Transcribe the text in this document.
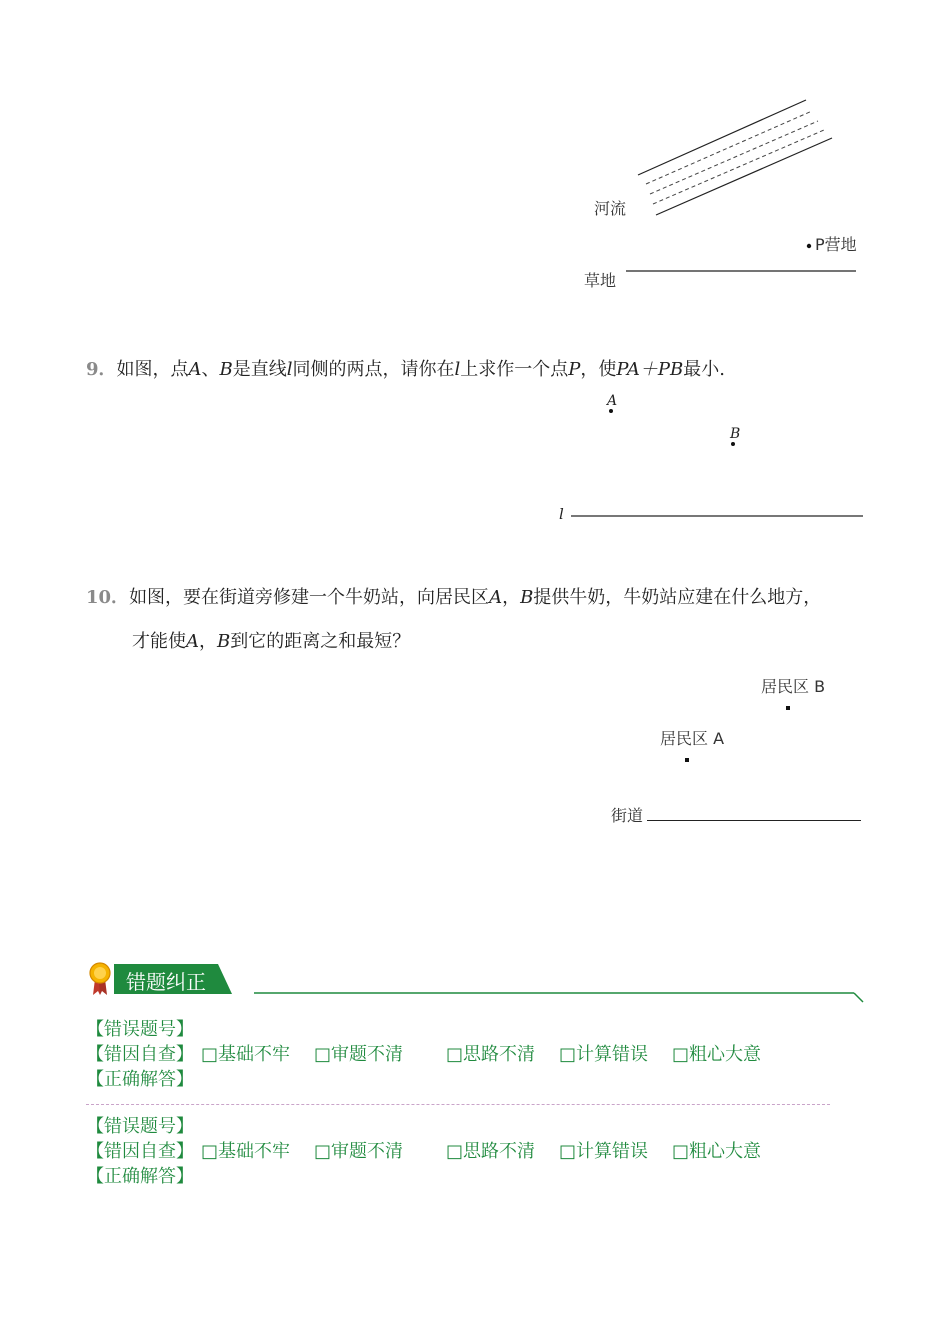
河流
P营地
草地
9．如图，点A、B是直线l同侧的两点，请你在l上求作一个点P，使PA＋PB最小.
A
B
l
10．如图，要在街道旁修建一个牛奶站，向居民区A，B提供牛奶，牛奶站应建在什么地方，
才能使A，B到它的距离之和最短？
居民区 B
居民区 A
街道
错题纠正
【错误题号】
【错因自查】 □基础不牢 □审题不清 □思路不清 □计算错误 □粗心大意
【正确解答】
【错误题号】
【错因自查】 □基础不牢 □审题不清 □思路不清 □计算错误 □粗心大意
【正确解答】
